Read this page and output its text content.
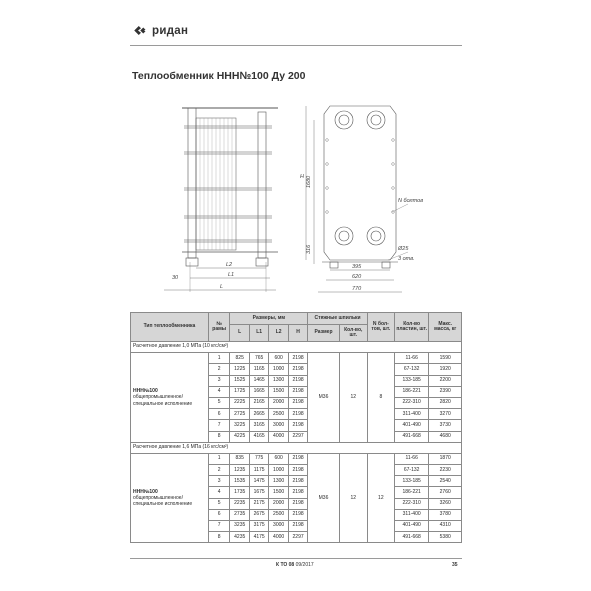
ридан
Теплообменник ННН№100 Ду 200
L2
L1
L
30
H 1680
316
395
620
770
Ø25
3 отв.
N болтов
Тип теплообменника	№ рамы	Размеры, мм				Стяжные шпильки		N бол-тов, шт.	Кол-во пластин, шт.	Макс. масса, кг
		L	L1	L2	H	Размер	Кол-во, шт.			
Расчетное давление 1,0 МПа (10 кгс/см²)										
ННН№100
общепромышленное/ специальное исполнение	1	825	765	600	2198	М36	12	8	11-66	1590
	2	1225	1165	1000	2198				67-132	1920
	3	1525	1465	1300	2198				133-185	2200
	4	1725	1665	1500	2198				186-221	2390
	5	2225	2165	2000	2198				222-310	2820
	6	2725	2665	2500	2198				311-400	3270
	7	3225	3165	3000	2198				401-490	3730
	8	4225	4165	4000	2297				491-668	4680
Расчетное давление 1,6 МПа (16 кгс/см²)										
ННН№100
общепромышленное/ специальное исполнение	1	835	775	600	2198	М36	12	12	11-66	1870
	2	1235	1175	1000	2198				67-132	2230
	3	1535	1475	1300	2198				133-185	2540
	4	1735	1675	1500	2198				186-221	2760
	5	2235	2175	2000	2198				222-310	3260
	6	2735	2675	2500	2198				311-400	3780
	7	3235	3175	3000	2198				401-490	4310
	8	4235	4175	4000	2297				491-668	5380
К ТО 08 09/2017	35
